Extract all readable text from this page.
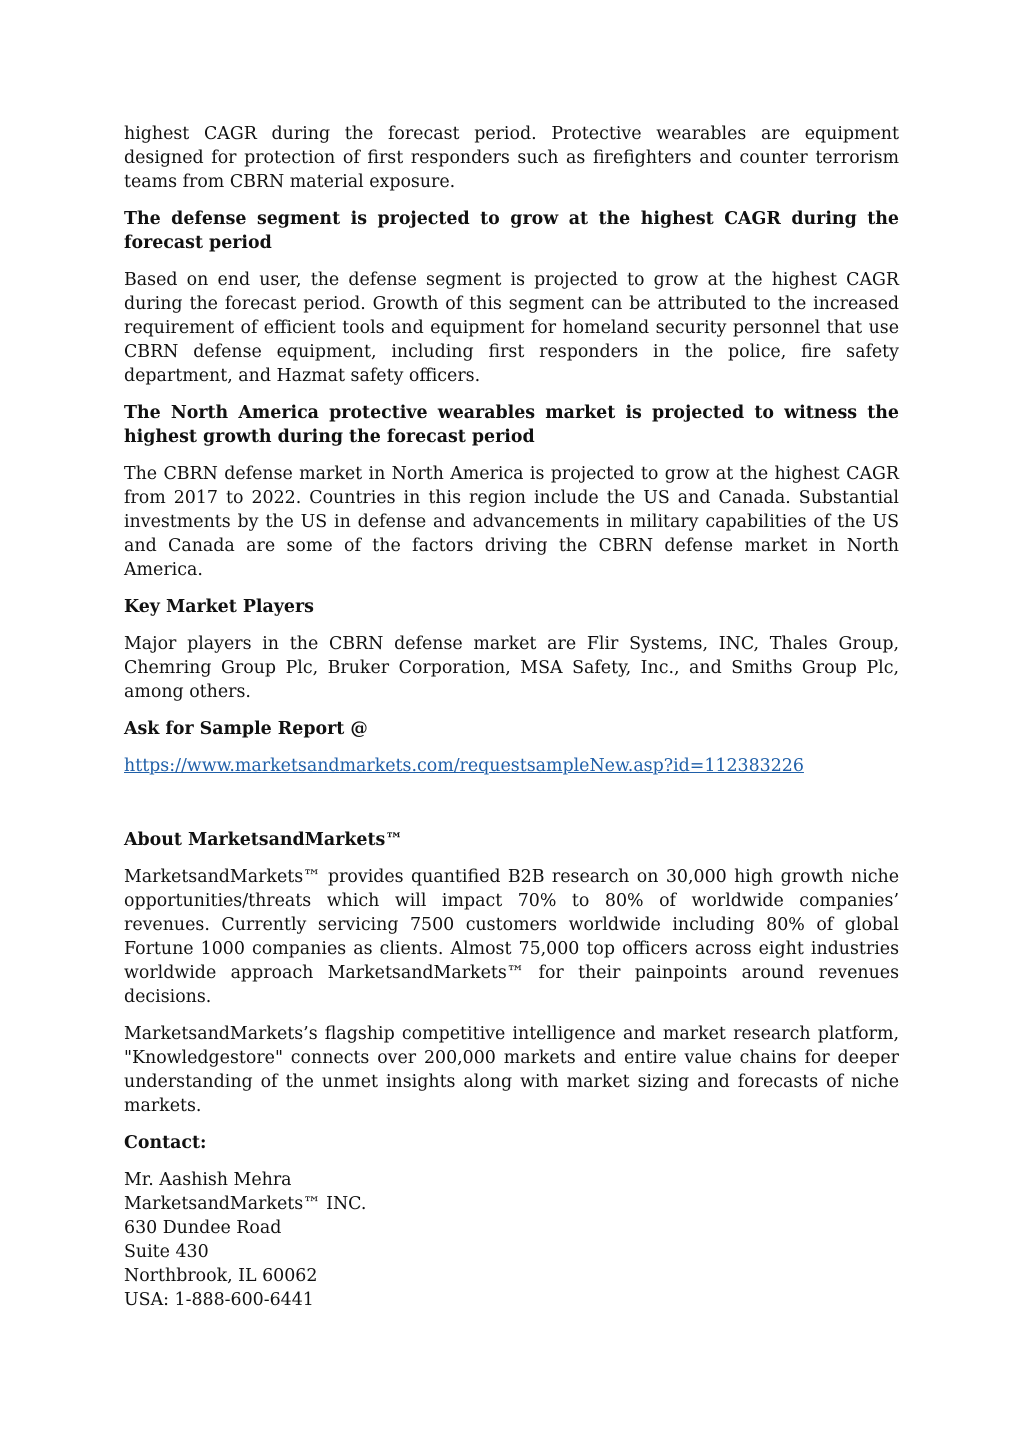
highest CAGR during the forecast period. Protective wearables are equipment designed for protection of first responders such as firefighters and counter terrorism teams from CBRN material exposure.

The defense segment is projected to grow at the highest CAGR during the forecast period

Based on end user, the defense segment is projected to grow at the highest CAGR during the forecast period. Growth of this segment can be attributed to the increased requirement of efficient tools and equipment for homeland security personnel that use CBRN defense equipment, including first responders in the police, fire safety department, and Hazmat safety officers.

The North America protective wearables market is projected to witness the highest growth during the forecast period

The CBRN defense market in North America is projected to grow at the highest CAGR from 2017 to 2022. Countries in this region include the US and Canada. Substantial investments by the US in defense and advancements in military capabilities of the US and Canada are some of the factors driving the CBRN defense market in North America.

Key Market Players

Major players in the CBRN defense market are Flir Systems, INC, Thales Group, Chemring Group Plc, Bruker Corporation, MSA Safety, Inc., and Smiths Group Plc, among others.

Ask for Sample Report @
https://www.marketsandmarkets.com/requestsampleNew.asp?id=112383226
About MarketsandMarkets™

MarketsandMarkets™ provides quantified B2B research on 30,000 high growth niche opportunities/threats which will impact 70% to 80% of worldwide companies’ revenues. Currently servicing 7500 customers worldwide including 80% of global Fortune 1000 companies as clients. Almost 75,000 top officers across eight industries worldwide approach MarketsandMarkets™ for their painpoints around revenues decisions.

MarketsandMarkets’s flagship competitive intelligence and market research platform, "Knowledgestore" connects over 200,000 markets and entire value chains for deeper understanding of the unmet insights along with market sizing and forecasts of niche markets.

Contact:
Mr. Aashish Mehra
MarketsandMarkets™ INC.
630 Dundee Road
Suite 430
Northbrook, IL 60062
USA: 1-888-600-6441
